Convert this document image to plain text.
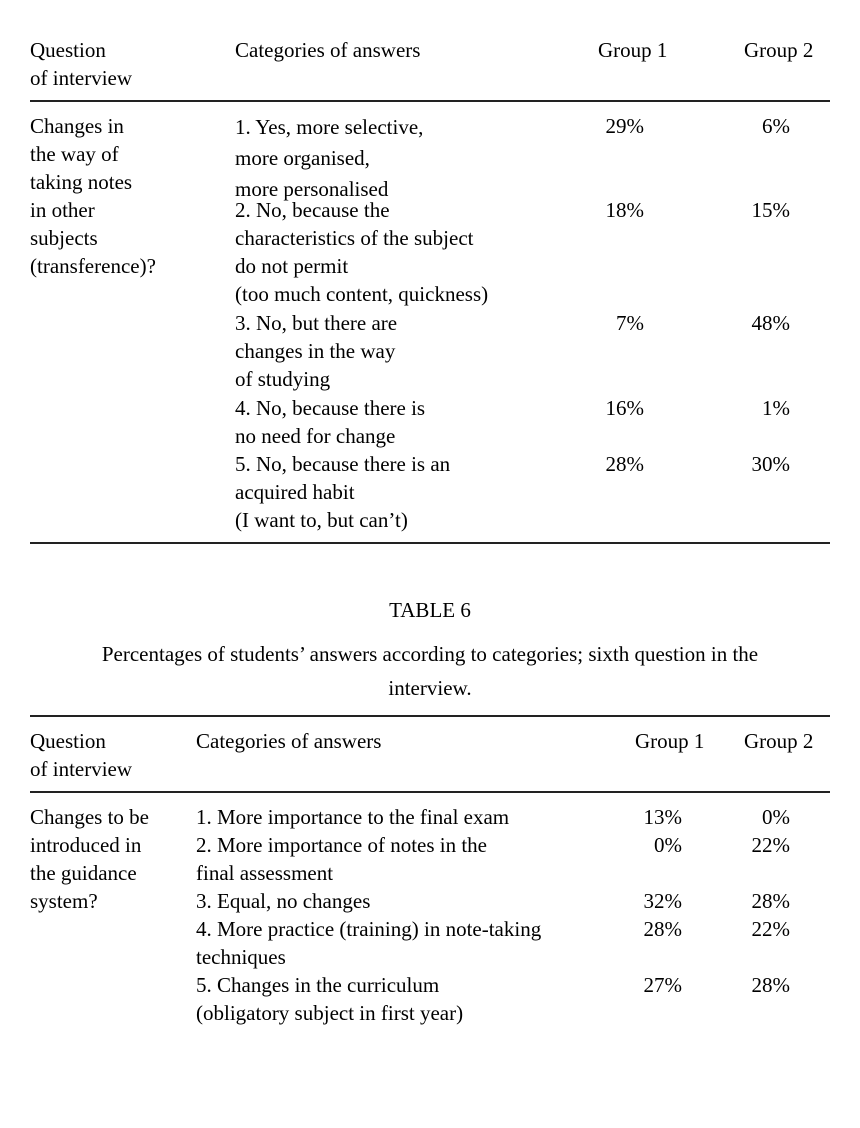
Question
of interview
Categories of answers	Group 1	Group 2
Changes in
the way of
taking notes
in other
subjects
(transference)?
1. Yes, more selective,
more organised,
more personalised
29%	6%
2. No, because the
characteristics of the subject
do not permit
(too much content, quickness)
18%	15%
3. No, but there are
changes in the way
of studying
7%	48%
4. No, because there is
no need for change
16%	1%
5. No, because there is an
acquired habit
(I want to, but can’t)
28%	30%
TABLE 6
Percentages of students’ answers according to categories; sixth question in the
interview.
Question
of interview
Categories of answers	Group 1 Group 2
Changes to be
introduced in
the guidance
system?
1. More importance to the final exam	13%	0%
2. More importance of notes in the
final assessment
0%	22%
3. Equal, no changes	32%	28%
4. More practice (training) in note-taking
techniques
28%	22%
5. Changes in the curriculum
(obligatory subject in first year)
27%	28%
